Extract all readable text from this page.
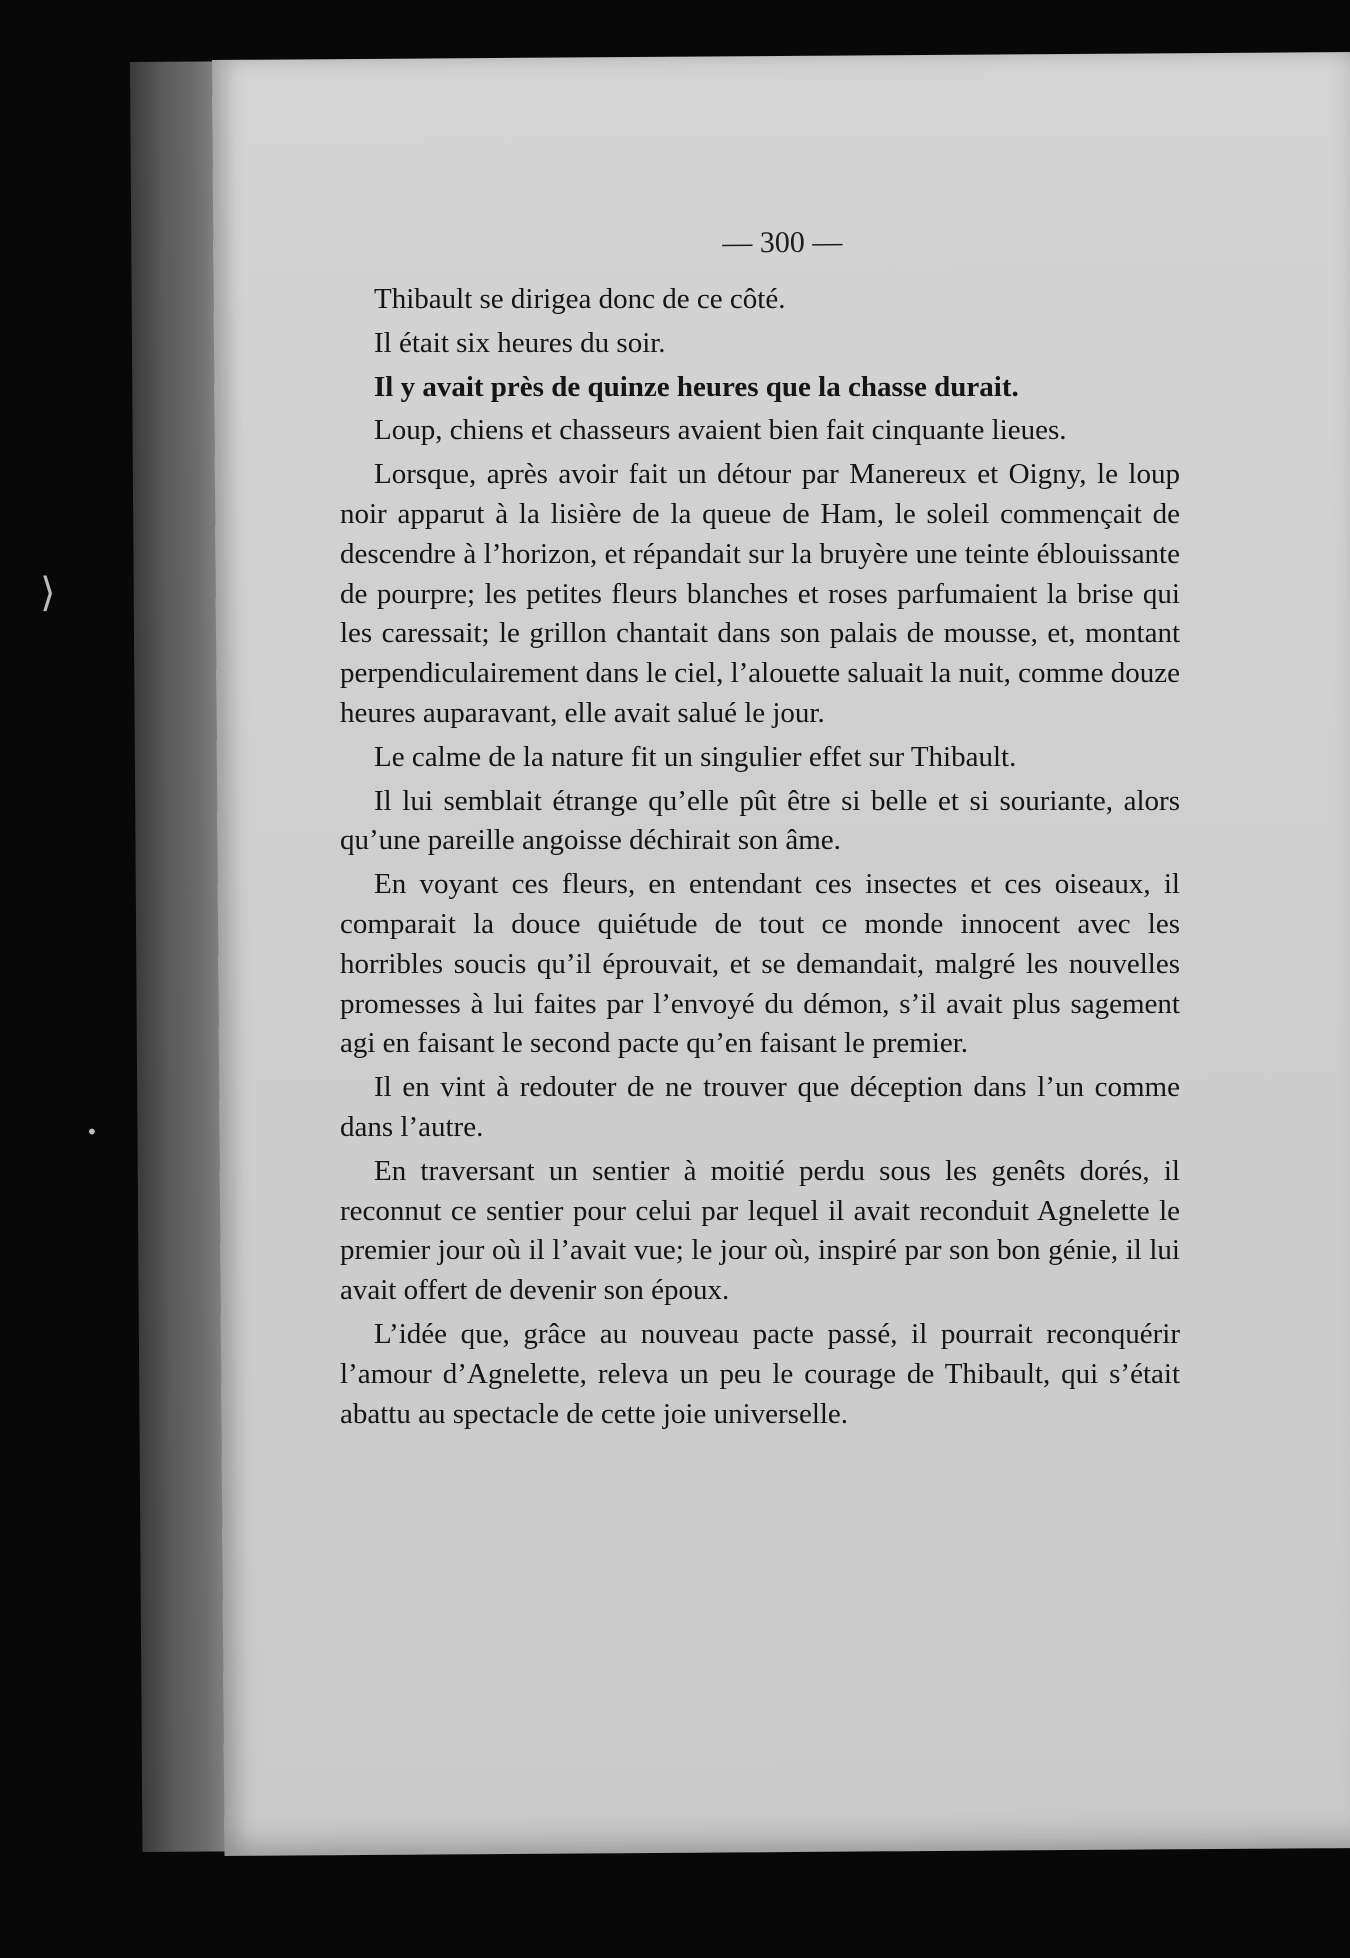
— 300 —

Thibault se dirigea donc de ce côté.

Il était six heures du soir.

Il y avait près de quinze heures que la chasse durait.

Loup, chiens et chasseurs avaient bien fait cinquante lieues.

Lorsque, après avoir fait un détour par Manereux et Oigny, le loup noir apparut à la lisière de la queue de Ham, le soleil commençait de descendre à l’horizon, et répandait sur la bruyère une teinte éblouissante de pourpre; les petites fleurs blanches et roses parfumaient la brise qui les caressait; le grillon chantait dans son palais de mousse, et, montant perpendiculairement dans le ciel, l’alouette saluait la nuit, comme douze heures auparavant, elle avait salué le jour.

Le calme de la nature fit un singulier effet sur Thibault.

Il lui semblait étrange qu’elle pût être si belle et si souriante, alors qu’une pareille angoisse déchirait son âme.

En voyant ces fleurs, en entendant ces insectes et ces oiseaux, il comparait la douce quiétude de tout ce monde innocent avec les horribles soucis qu’il éprouvait, et se demandait, malgré les nouvelles promesses à lui faites par l’envoyé du démon, s’il avait plus sagement agi en faisant le second pacte qu’en faisant le premier.

Il en vint à redouter de ne trouver que déception dans l’un comme dans l’autre.

En traversant un sentier à moitié perdu sous les genêts dorés, il reconnut ce sentier pour celui par lequel il avait reconduit Agnelette le premier jour où il l’avait vue; le jour où, inspiré par son bon génie, il lui avait offert de devenir son époux.

L’idée que, grâce au nouveau pacte passé, il pourrait reconquérir l’amour d’Agnelette, releva un peu le courage de Thibault, qui s’était abattu au spectacle de cette joie universelle.

⟩
•
